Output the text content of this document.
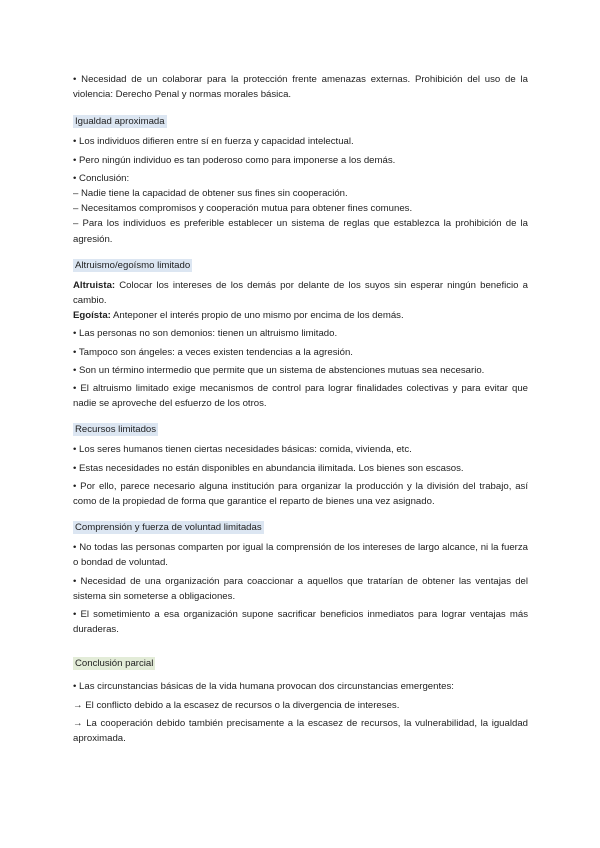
• Necesidad de un colaborar para la protección frente amenazas externas. Prohibición del uso de la violencia: Derecho Penal y normas morales básica.

Igualdad aproximada

• Los individuos difieren entre sí en fuerza y capacidad intelectual.

• Pero ningún individuo es tan poderoso como para imponerse a los demás.

• Conclusión:

– Nadie tiene la capacidad de obtener sus fines sin cooperación.

– Necesitamos compromisos y cooperación mutua para obtener fines comunes.

– Para los individuos es preferible establecer un sistema de reglas que establezca la prohibición de la agresión.

Altruismo/egoísmo limitado

Altruista: Colocar los intereses de los demás por delante de los suyos sin esperar ningún beneficio a cambio.

Egoísta: Anteponer el interés propio de uno mismo por encima de los demás.

• Las personas no son demonios: tienen un altruismo limitado.

• Tampoco son ángeles: a veces existen tendencias a la agresión.

• Son un término intermedio que permite que un sistema de abstenciones mutuas sea necesario.

• El altruismo limitado exige mecanismos de control para lograr finalidades colectivas y para evitar que nadie se aproveche del esfuerzo de los otros.

Recursos limitados

• Los seres humanos tienen ciertas necesidades básicas: comida, vivienda, etc.

• Estas necesidades no están disponibles en abundancia ilimitada. Los bienes son escasos.

• Por ello, parece necesario alguna institución para organizar la producción y la división del trabajo, así como de la propiedad de forma que garantice el reparto de bienes una vez asignado.

Comprensión y fuerza de voluntad limitadas

• No todas las personas comparten por igual la comprensión de los intereses de largo alcance, ni la fuerza o bondad de voluntad.

• Necesidad de una organización para coaccionar a aquellos que tratarían de obtener las ventajas del sistema sin someterse a obligaciones.

• El sometimiento a esa organización supone sacrificar beneficios inmediatos para lograr ventajas más duraderas.

Conclusión parcial

• Las circunstancias básicas de la vida humana provocan dos circunstancias emergentes:

→ El conflicto debido a la escasez de recursos o la divergencia de intereses.

→ La cooperación debido también precisamente a la escasez de recursos, la vulnerabilidad, la igualdad aproximada.
